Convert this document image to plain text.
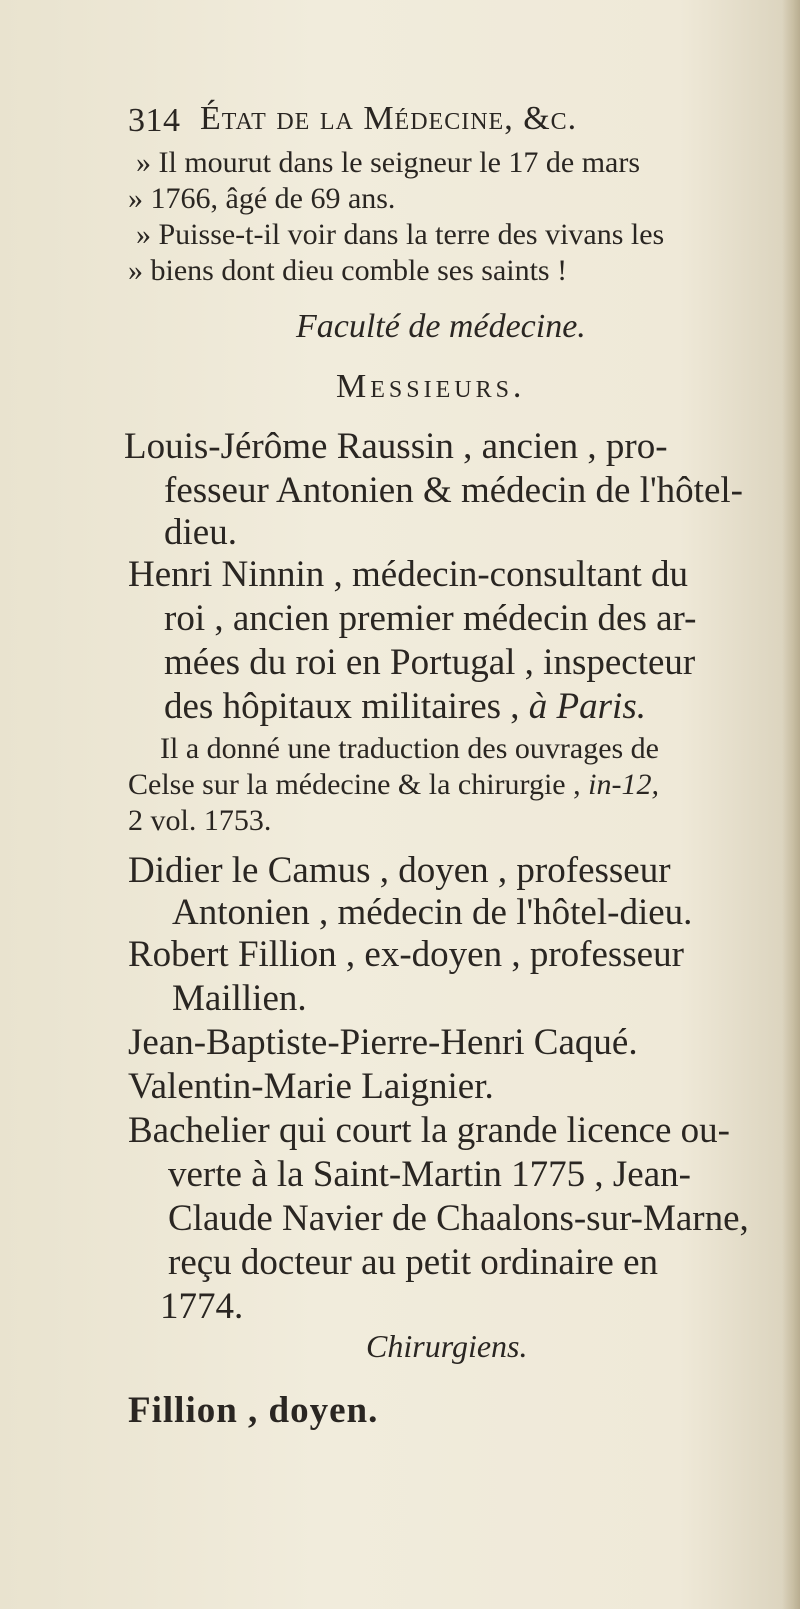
314 État de la Médecine, &c.
» Il mourut dans le seigneur le 17 de mars
» 1766, âgé de 69 ans.
» Puisse-t-il voir dans la terre des vivans les
» biens dont dieu comble ses saints !
Faculté de médecine.
Messieurs.
Louis-Jérôme Raussin , ancien , pro-
fesseur Antonien & médecin de l'hôtel-
dieu.
Henri Ninnin , médecin-consultant du
roi , ancien premier médecin des ar-
mées du roi en Portugal , inspecteur
des hôpitaux militaires , à Paris.
Il a donné une traduction des ouvrages de
Celse sur la médecine & la chirurgie , in-12,
2 vol. 1753.
Didier le Camus , doyen , professeur
Antonien , médecin de l'hôtel-dieu.
Robert Fillion , ex-doyen , professeur
Maillien.
Jean-Baptiste-Pierre-Henri Caqué.
Valentin-Marie Laignier.
Bachelier qui court la grande licence ou-
verte à la Saint-Martin 1775 , Jean-
Claude Navier de Chaalons-sur-Marne,
reçu docteur au petit ordinaire en
1774.
Chirurgiens.
Fillion , doyen.
